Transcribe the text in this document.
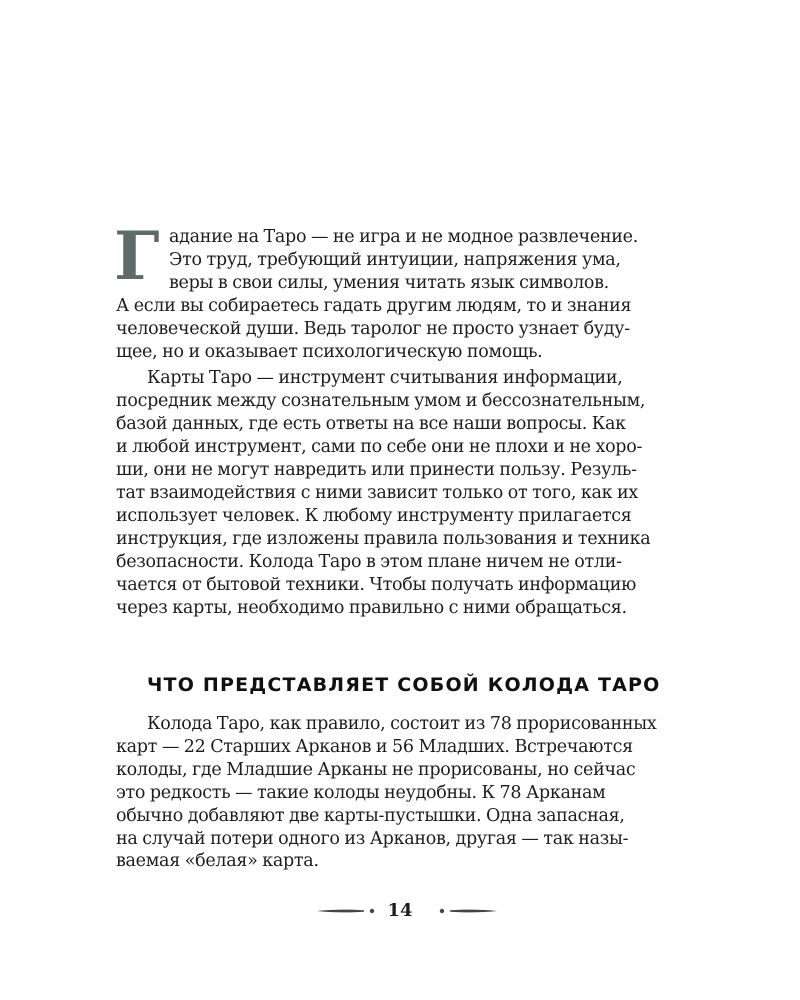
Г адание на Таро — не игра и не модное развлечение.
Это труд, требующий интуиции, напряжения ума,
веры в свои силы, умения читать язык символов.
А если вы собираетесь гадать другим людям, то и знания
человеческой души. Ведь таролог не просто узнает буду-
щее, но и оказывает психологическую помощь.
Карты Таро — инструмент считывания информации,
посредник между сознательным умом и бессознательным,
базой данных, где есть ответы на все наши вопросы. Как
и любой инструмент, сами по себе они не плохи и не хоро-
ши, они не могут навредить или принести пользу. Резуль-
тат взаимодействия с ними зависит только от того, как их
использует человек. К любому инструменту прилагается
инструкция, где изложены правила пользования и техника
безопасности. Колода Таро в этом плане ничем не отли-
чается от бытовой техники. Чтобы получать информацию
через карты, необходимо правильно с ними обращаться.
ЧТО ПРЕДСТАВЛЯЕТ СОБОЙ КОЛОДА ТАРО
Колода Таро, как правило, состоит из 78 прорисованных
карт — 22 Старших Арканов и 56 Младших. Встречаются
колоды, где Младшие Арканы не прорисованы, но сейчас
это редкость — такие колоды неудобны. К 78 Арканам
обычно добавляют две карты-пустышки. Одна запасная,
на случай потери одного из Арканов, другая — так назы-
ваемая «белая» карта.
14
